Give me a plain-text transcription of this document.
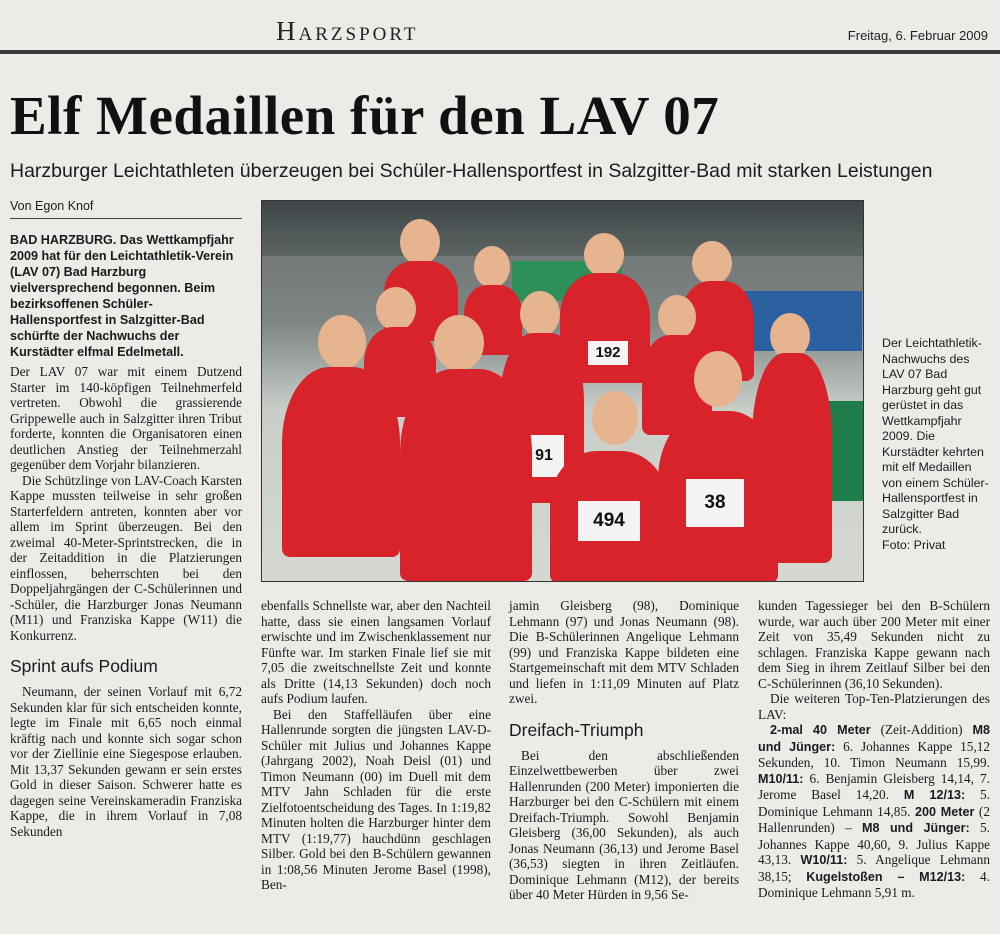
Harzsport	Freitag, 6. Februar 2009
Elf Medaillen für den LAV 07
Harzburger Leichtathleten überzeugen bei Schüler-Hallensportfest in Salzgitter-Bad mit starken Leistungen
Von Egon Knof

BAD HARZBURG. Das Wettkampfjahr 2009 hat für den Leichtathletik-Verein (LAV 07) Bad Harzburg vielversprechend begonnen. Beim bezirksoffenen Schüler-Hallensportfest in Salzgitter-Bad schürfte der Nachwuchs der Kurstädter elfmal Edelmetall.

Der LAV 07 war mit einem Dutzend Starter im 140-köpfigen Teilnehmerfeld vertreten. Obwohl die grassierende Grippewelle auch in Salzgitter ihren Tribut forderte, konnten die Organisatoren einen deutlichen Anstieg der Teilnehmerzahl gegenüber dem Vorjahr bilanzieren.

Die Schützlinge von LAV-Coach Karsten Kappe mussten teilweise in sehr großen Starterfeldern antreten, konnten aber vor allem im Sprint überzeugen. Bei den zweimal 40-Meter-Sprintstrecken, die in der Zeitaddition in die Platzierungen einflossen, beherrschten bei den Doppeljahrgängen der C-Schülerinnen und -Schüler, die Harzburger Jonas Neumann (M11) und Franziska Kappe (W11) die Konkurrenz.

Sprint aufs Podium

Neumann, der seinen Vorlauf mit 6,72 Sekunden klar für sich entscheiden konnte, legte im Finale mit 6,65 noch einmal kräftig nach und konnte sich sogar schon vor der Ziellinie eine Siegespose erlauben. Mit 13,37 Sekunden gewann er sein erstes Gold in dieser Saison. Schwerer hatte es dagegen seine Vereinskameradin Franziska Kappe, die in ihrem Vorlauf in 7,08 Sekunden

192
91
494
38
Der Leichtathletik-Nachwuchs des LAV 07 Bad Harzburg geht gut gerüstet in das Wettkampfjahr 2009. Die Kurstädter kehrten mit elf Medaillen von einem Schüler-Hallensportfest in Salzgitter Bad zurück.
Foto: Privat

ebenfalls Schnellste war, aber den Nachteil hatte, dass sie einen langsamen Vorlauf erwischte und im Zwischenklassement nur Fünfte war. Im starken Finale lief sie mit 7,05 die zweitschnellste Zeit und konnte als Dritte (14,13 Sekunden) doch noch aufs Podium laufen.

Bei den Staffelläufen über eine Hallenrunde sorgten die jüngsten LAV-D-Schüler mit Julius und Johannes Kappe (Jahrgang 2002), Noah Deisl (01) und Timon Neumann (00) im Duell mit dem MTV Jahn Schladen für die erste Zielfotoentscheidung des Tages. In 1:19,82 Minuten holten die Harzburger hinter dem MTV (1:19,77) hauchdünn geschlagen Silber. Gold bei den B-Schülern gewannen in 1:08,56 Minuten Jerome Basel (1998), Ben-

jamin Gleisberg (98), Dominique Lehmann (97) und Jonas Neumann (98). Die B-Schülerinnen Angelique Lehmann (99) und Franziska Kappe bildeten eine Startgemeinschaft mit dem MTV Schladen und liefen in 1:11,09 Minuten auf Platz zwei.

Dreifach-Triumph

Bei den abschließenden Einzelwettbewerben über zwei Hallenrunden (200 Meter) imponierten die Harzburger bei den C-Schülern mit einem Dreifach-Triumph. Sowohl Benjamin Gleisberg (36,00 Sekunden), als auch Jonas Neumann (36,13) und Jerome Basel (36,53) siegten in ihren Zeitläufen. Dominique Lehmann (M12), der bereits über 40 Meter Hürden in 9,56 Se-

kunden Tagessieger bei den B-Schülern wurde, war auch über 200 Meter mit einer Zeit von 35,49 Sekunden nicht zu schlagen. Franziska Kappe gewann nach dem Sieg in ihrem Zeitlauf Silber bei den C-Schülerinnen (36,10 Sekunden).

Die weiteren Top-Ten-Platzierungen des LAV:

2-mal 40 Meter (Zeit-Addition) M8 und Jünger: 6. Johannes Kappe 15,12 Sekunden, 10. Timon Neumann 15,99. M10/11: 6. Benjamin Gleisberg 14,14, 7. Jerome Basel 14,20. M 12/13: 5. Dominique Lehmann 14,85. 200 Meter (2 Hallenrunden) – M8 und Jünger: 5. Johannes Kappe 40,60, 9. Julius Kappe 43,13. W10/11: 5. Angelique Lehmann 38,15; Kugelstoßen – M12/13: 4. Dominique Lehmann 5,91 m.
